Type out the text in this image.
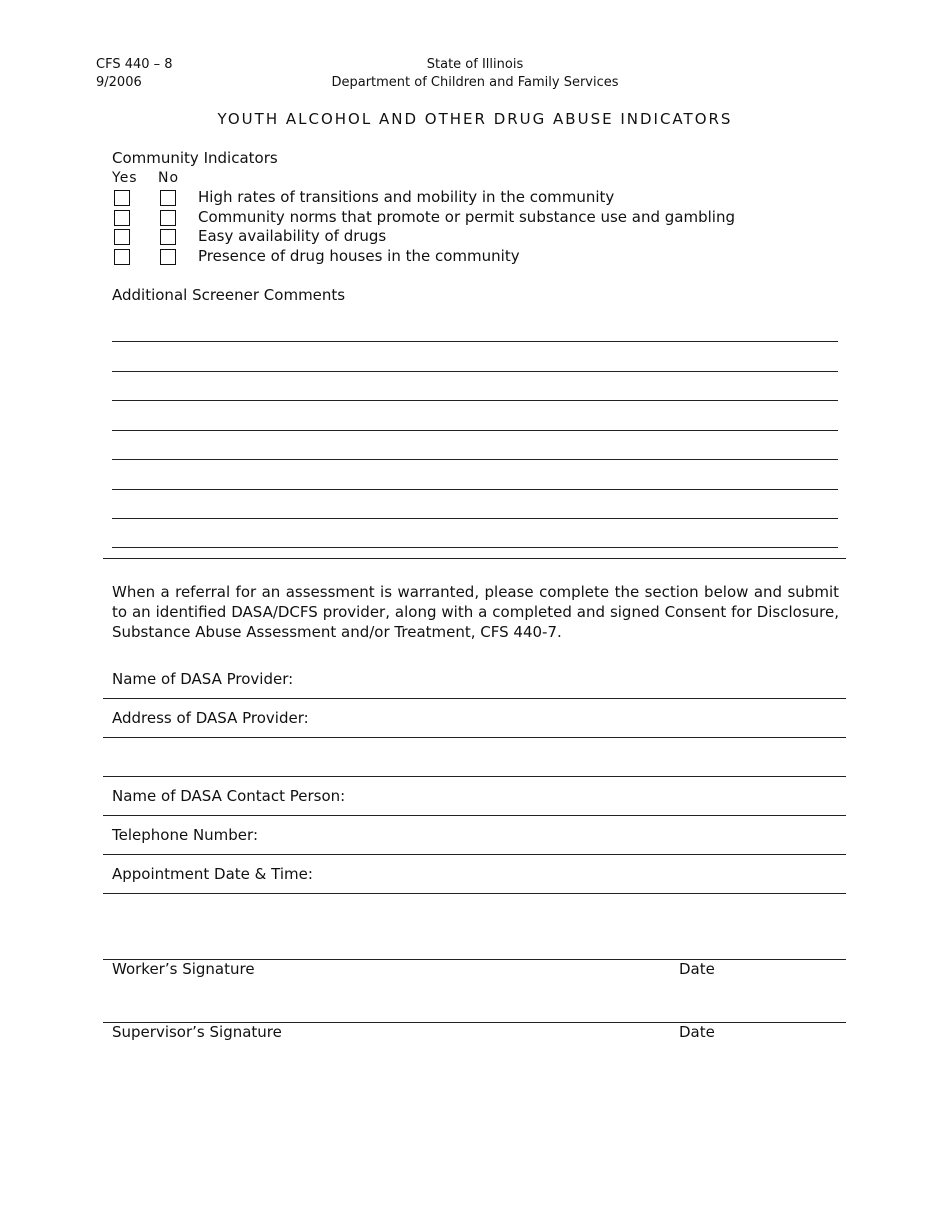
CFS 440 – 8
9/2006
State of Illinois
Department of Children and Family Services
YOUTH ALCOHOL AND OTHER DRUG ABUSE INDICATORS
Community Indicators
Yes No
High rates of transitions and mobility in the community
Community norms that promote or permit substance use and gambling
Easy availability of drugs
Presence of drug houses in the community
Additional Screener Comments
When a referral for an assessment is warranted, please complete the section below and submit to an identified DASA/DCFS provider, along with a completed and signed Consent for Disclosure, Substance Abuse Assessment and/or Treatment, CFS 440-7.
Name of DASA Provider:
Address of DASA Provider:
Name of DASA Contact Person:
Telephone Number:
Appointment Date & Time:
Worker’s Signature	Date
Supervisor’s Signature	Date
